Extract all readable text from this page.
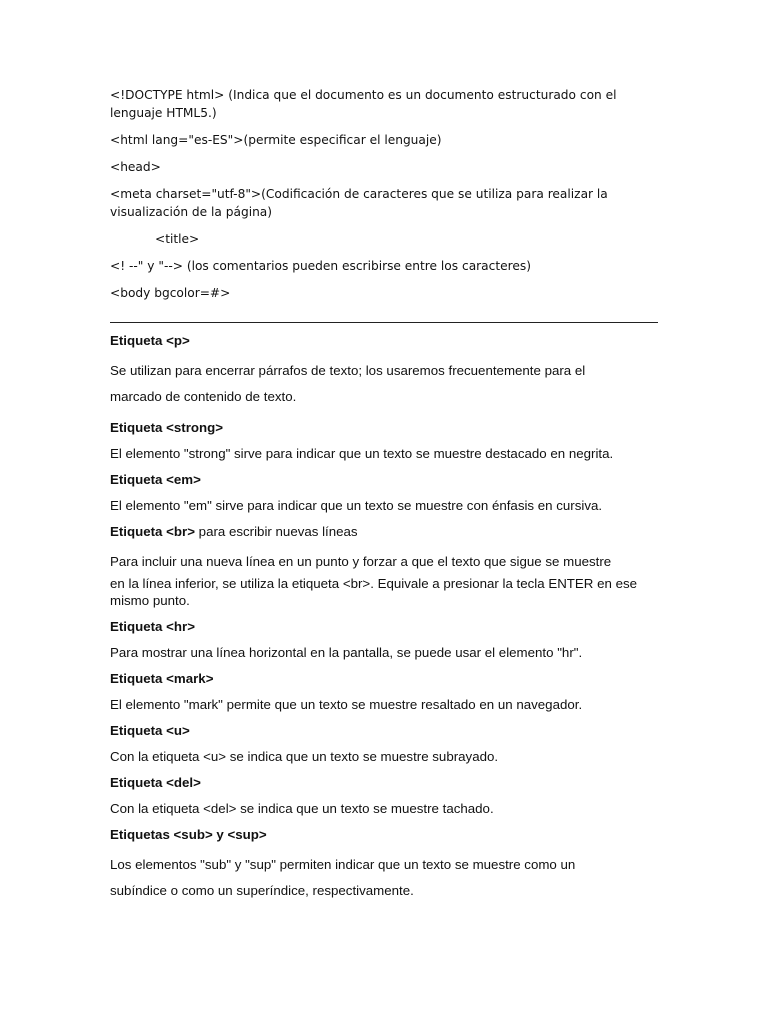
<!DOCTYPE html> (Indica que el documento es un documento estructurado con el lenguaje HTML5.)

<html lang="es-ES">(permite especificar el lenguaje)

<head>

<meta charset="utf-8">(Codificación de caracteres que se utiliza para realizar la visualización de la página)

<title>

<! --" y "--> (los comentarios pueden escribirse entre los caracteres)

<body bgcolor=#>

Etiqueta <p>

Se utilizan para encerrar párrafos de texto; los usaremos frecuentemente para el
marcado de contenido de texto.

Etiqueta <strong>

El elemento "strong" sirve para indicar que un texto se muestre destacado en negrita.

Etiqueta <em>

El elemento "em" sirve para indicar que un texto se muestre con énfasis en cursiva.

Etiqueta <br> para escribir nuevas líneas

Para incluir una nueva línea en un punto y forzar a que el texto que sigue se muestre
en la línea inferior, se utiliza la etiqueta <br>. Equivale a presionar la tecla ENTER en ese mismo punto.

Etiqueta <hr>

Para mostrar una línea horizontal en la pantalla, se puede usar el elemento "hr".

Etiqueta <mark>

El elemento "mark" permite que un texto se muestre resaltado en un navegador.

Etiqueta <u>

Con la etiqueta <u> se indica que un texto se muestre subrayado.

Etiqueta <del>

Con la etiqueta <del> se indica que un texto se muestre tachado.

Etiquetas <sub> y <sup>

Los elementos "sub" y "sup" permiten indicar que un texto se muestre como un
subíndice o como un superíndice, respectivamente.
